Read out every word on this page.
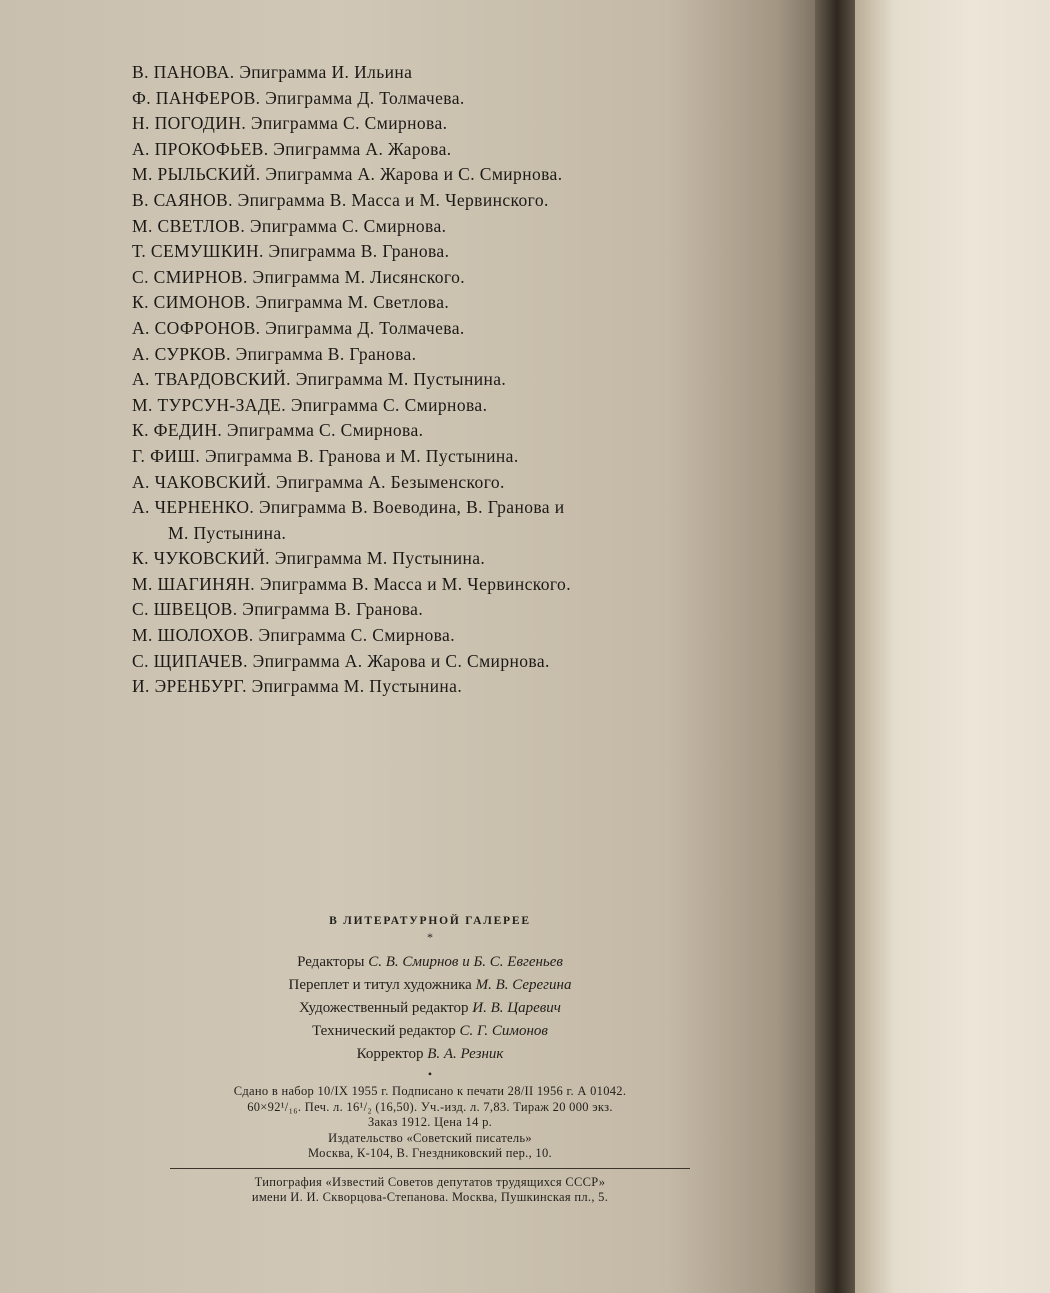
В. ПАНОВА. Эпиграмма И. Ильина
Ф. ПАНФЕРОВ. Эпиграмма Д. Толмачева.
Н. ПОГОДИН. Эпиграмма С. Смирнова.
А. ПРОКОФЬЕВ. Эпиграмма А. Жарова.
М. РЫЛЬСКИЙ. Эпиграмма А. Жарова и С. Смирнова.
В. САЯНОВ. Эпиграмма В. Масса и М. Червинского.
М. СВЕТЛОВ. Эпиграмма С. Смирнова.
Т. СЕМУШКИН. Эпиграмма В. Гранова.
С. СМИРНОВ. Эпиграмма М. Лисянского.
К. СИМОНОВ. Эпиграмма М. Светлова.
А. СОФРОНОВ. Эпиграмма Д. Толмачева.
А. СУРКОВ. Эпиграмма В. Гранова.
А. ТВАРДОВСКИЙ. Эпиграмма М. Пустынина.
М. ТУРСУН-ЗАДЕ. Эпиграмма С. Смирнова.
К. ФЕДИН. Эпиграмма С. Смирнова.
Г. ФИШ. Эпиграмма В. Гранова и М. Пустынина.
А. ЧАКОВСКИЙ. Эпиграмма А. Безыменского.
А. ЧЕРНЕНКО. Эпиграмма В. Воеводина, В. Гранова и
М. Пустынина.
К. ЧУКОВСКИЙ. Эпиграмма М. Пустынина.
М. ШАГИНЯН. Эпиграмма В. Масса и М. Червинского.
С. ШВЕЦОВ. Эпиграмма В. Гранова.
М. ШОЛОХОВ. Эпиграмма С. Смирнова.
С. ЩИПАЧЕВ. Эпиграмма А. Жарова и С. Смирнова.
И. ЭРЕНБУРГ. Эпиграмма М. Пустынина.
В ЛИТЕРАТУРНОЙ ГАЛЕРЕЕ
*
Редакторы С. В. Смирнов и Б. С. Евгеньев
Переплет и титул художника М. В. Серегина
Художественный редактор И. В. Царевич
Технический редактор С. Г. Симонов
Корректор В. А. Резник
•
Сдано в набор 10/IX 1955 г. Подписано к печати 28/II 1956 г. А 01042.
60×92¹/₁₆. Печ. л. 16¹/₂ (16,50). Уч.-изд. л. 7,83. Тираж 20 000 экз.
Заказ 1912. Цена 14 р.
Издательство «Советский писатель»
Москва, К-104, В. Гнездниковский пер., 10.
Типография «Известий Советов депутатов трудящихся СССР»
имени И. И. Скворцова-Степанова. Москва, Пушкинская пл., 5.
